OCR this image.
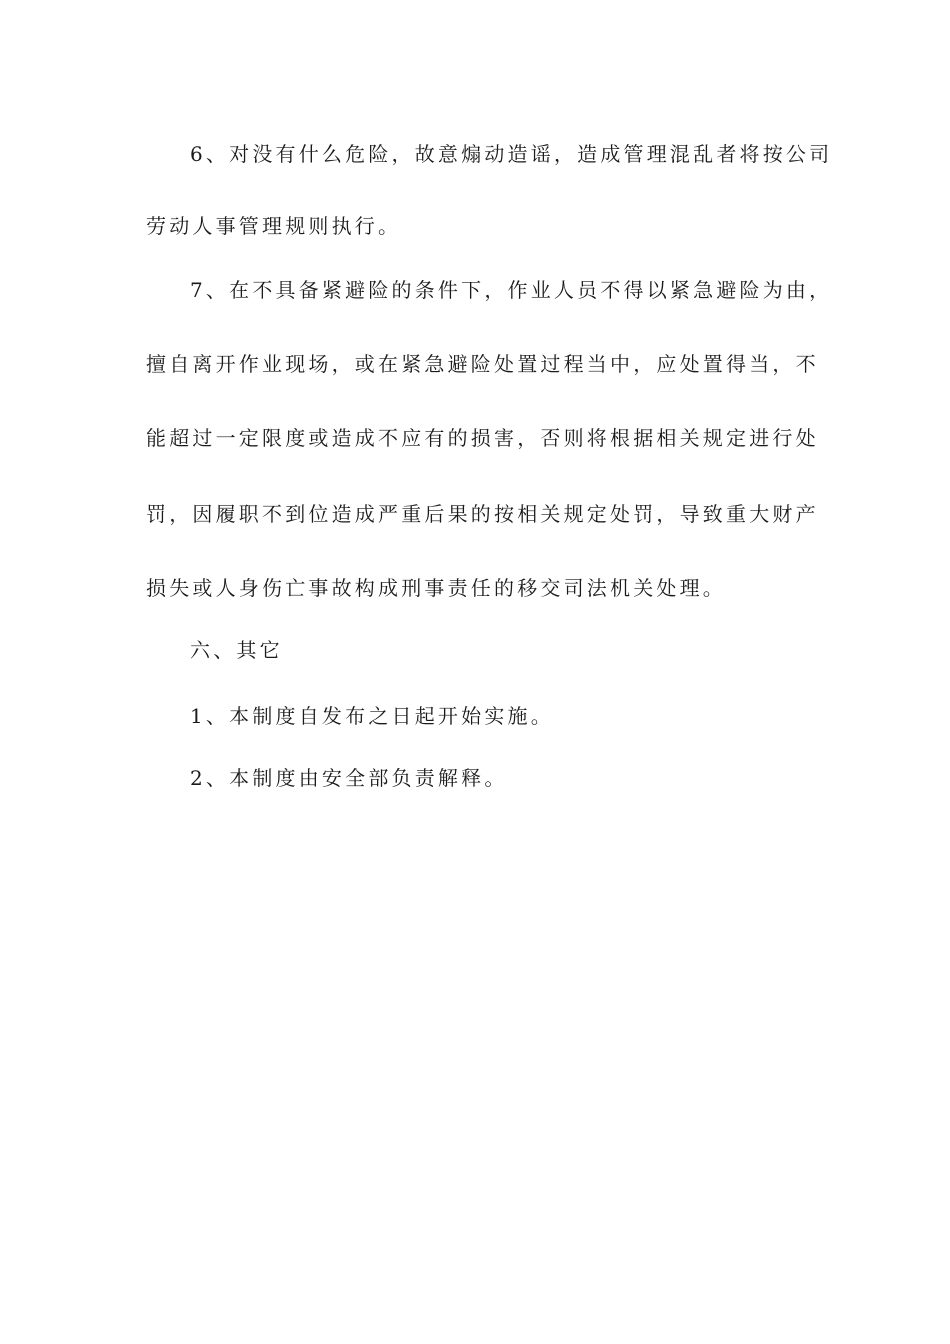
6、对没有什么危险，故意煽动造谣，造成管理混乱者将按公司
劳动人事管理规则执行。
7、在不具备紧避险的条件下，作业人员不得以紧急避险为由，
擅自离开作业现场，或在紧急避险处置过程当中，应处置得当，不
能超过一定限度或造成不应有的损害，否则将根据相关规定进行处
罚，因履职不到位造成严重后果的按相关规定处罚，导致重大财产
损失或人身伤亡事故构成刑事责任的移交司法机关处理。
六、其它
1、本制度自发布之日起开始实施。
2、本制度由安全部负责解释。
